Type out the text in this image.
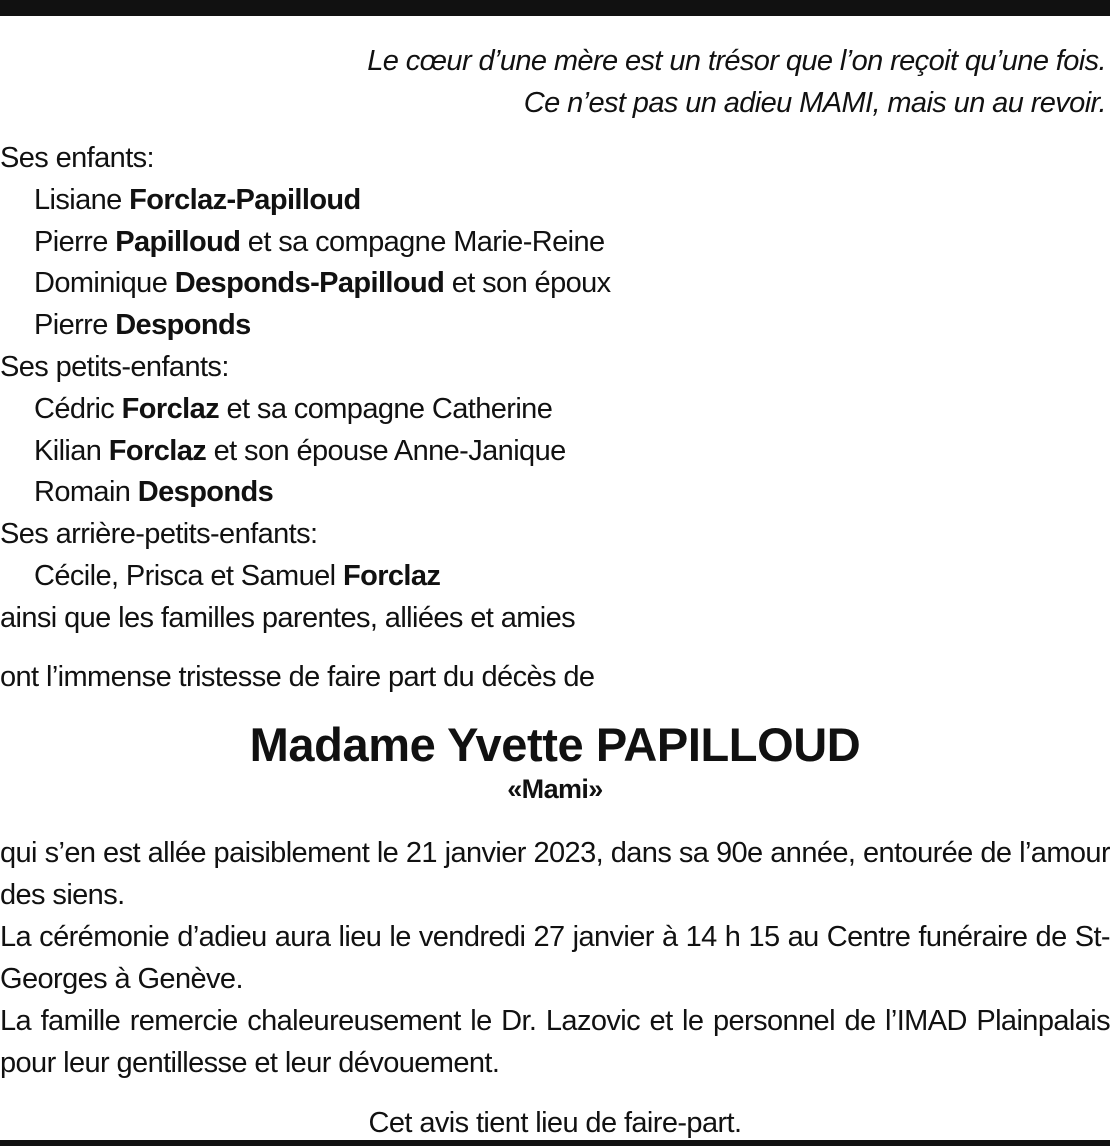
Le cœur d’une mère est un trésor que l’on reçoit qu’une fois.

Ce n’est pas un adieu MAMI, mais un au revoir.

Ses enfants:

Lisiane Forclaz-Papilloud

Pierre Papilloud et sa compagne Marie-Reine

Dominique Desponds-Papilloud et son époux

Pierre Desponds

Ses petits-enfants:

Cédric Forclaz et sa compagne Catherine

Kilian Forclaz et son épouse Anne-Janique

Romain Desponds

Ses arrière-petits-enfants:

Cécile, Prisca et Samuel Forclaz

ainsi que les familles parentes, alliées et amies

ont l’immense tristesse de faire part du décès de

Madame Yvette PAPILLOUD

«Mami»

qui s’en est allée paisiblement le 21 janvier 2023, dans sa 90e année, entourée de l’amour des siens.

La cérémonie d’adieu aura lieu le vendredi 27 janvier à 14 h 15 au Centre funéraire de St-Georges à Genève.

La famille remercie chaleureusement le Dr. Lazovic et le personnel de l’IMAD Plainpalais pour leur gentillesse et leur dévouement.

Cet avis tient lieu de faire-part.
